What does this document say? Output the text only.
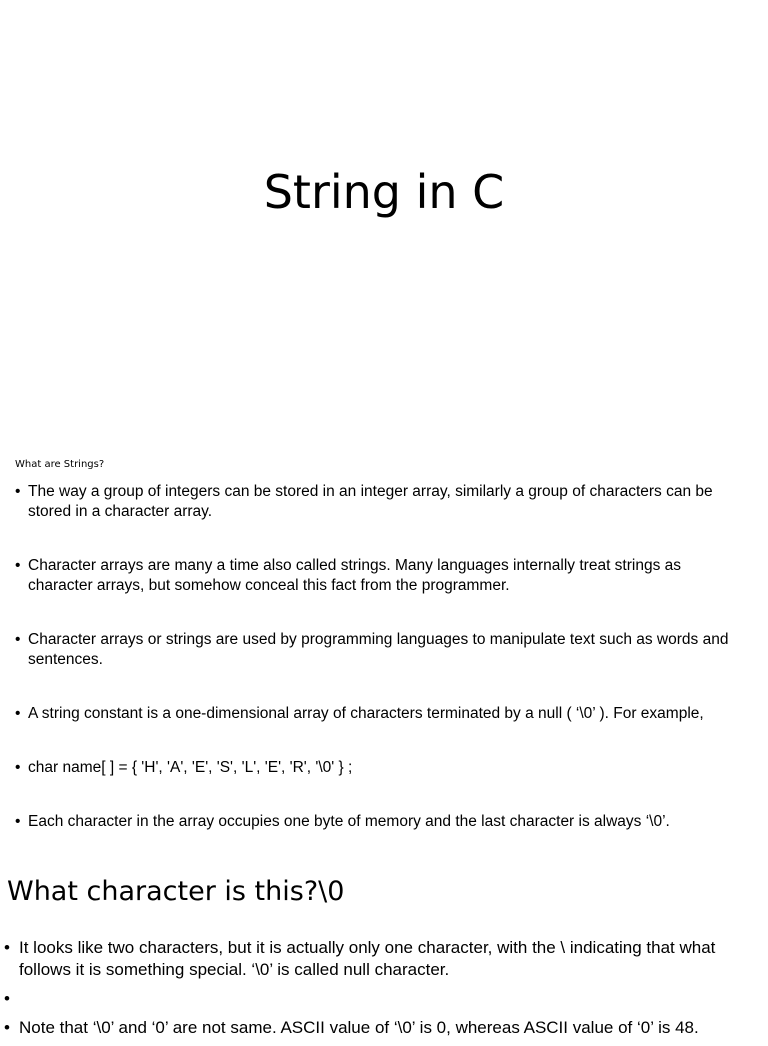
String in C
What are Strings?
• The way a group of integers can be stored in an integer array, similarly a group of characters can be stored in a character array.
• Character arrays are many a time also called strings. Many languages internally treat strings as character arrays, but somehow conceal this fact from the programmer.
• Character arrays or strings are used by programming languages to manipulate text such as words and sentences.
• A string constant is a one-dimensional array of characters terminated by a null ( ‘\0’ ). For example,
• char name[ ] = { 'H', 'A', 'E', 'S', 'L', 'E', 'R', '\0' } ;
• Each character in the array occupies one byte of memory and the last character is always ‘\0’.
What character is this?\0
• It looks like two characters, but it is actually only one character, with the \ indicating that what follows it is something special. ‘\0’ is called null character.
•
• Note that ‘\0’ and ‘0’ are not same. ASCII value of ‘\0’ is 0, whereas ASCII value of ‘0’ is 48.
